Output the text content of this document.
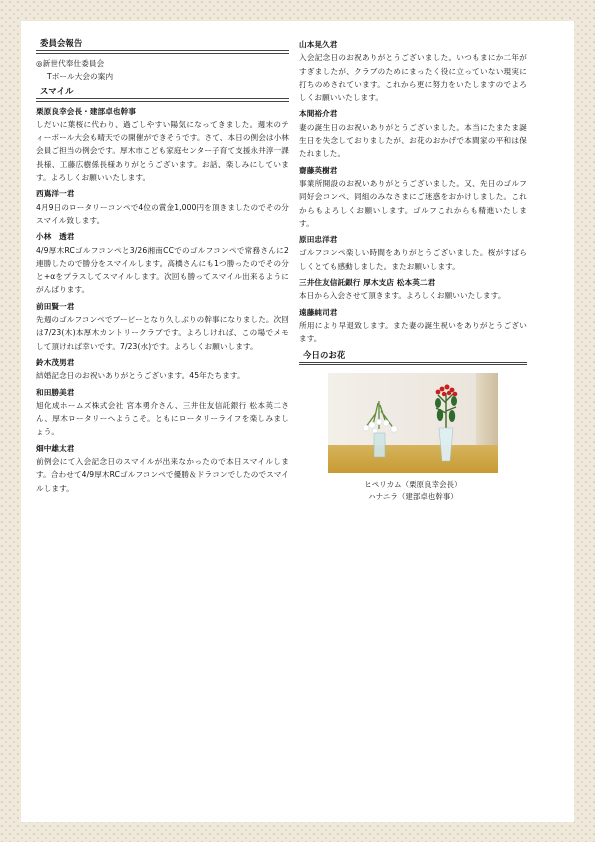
委員会報告
◎新世代奉仕委員会
Tボール大会の案内
スマイル
栗原良幸会長・建部卓也幹事

しだいに葉桜に代わり、過ごしやすい陽気になってきました。週末のティーボール大会も晴天での開催ができそうです。さて、本日の例会は小林会員ご担当の例会です。厚木市こども家庭センター子育て支援永井淳一課長様、工藤広樹係長様ありがとうございます。お話、楽しみにしています。よろしくお願いいたします。

西嶌洋一君

4月9日のロータリーコンペで4位の賞金1,000円を頂きましたのでその分スマイル致します。

小林　透君

4/9厚木RCゴルフコンペと3/26湘南CCでのゴルフコンペで常務さんに2連勝したので勝分をスマイルします。高橋さんにも1つ勝ったのでその分と+αをプラスしてスマイルします。次回も勝ってスマイル出来るようにがんばります。

前田賢一君

先週のゴルフコンペでブービーとなり久しぶりの幹事になりました。次回は7/23(木)本厚木カントリークラブです。よろしければ、この場でメモして頂ければ幸いです。7/23(水)です。よろしくお願いします。

鈴木茂男君

結婚記念日のお祝いありがとうございます。45年たちます。

和田勝美君

旭化成ホームズ株式会社 宮本勇介さん、三井住友信託銀行 松本英二さん、厚木ロータリーへようこそ。ともにロータリーライフを楽しみましょう。

畑中雄太君

前例会にて入会記念日のスマイルが出来なかったので本日スマイルします。合わせて4/9厚木RCゴルフコンペで優勝＆ドラコンでしたのでスマイルします。

山本晃久君

入会記念日のお祝ありがとうございました。いつもまにか二年がすぎましたが、クラブのためにまったく役に立っていない現実に打ちのめされています。これから更に努力をいたしますのでよろしくお願いいたします。

本間裕介君

妻の誕生日のお祝いありがとうございました。本当にたまたま誕生日を失念しておりましたが、お花のおかげで本間家の平和は保たれました。

齋藤英樹君

事業所開設のお祝いありがとうございました。又、先日のゴルフ同好会コンペ、同組のみなさまにご迷惑をおかけしました。これからもよろしくお願いします。ゴルフこれからも精進いたします。

原田忠洋君

ゴルフコンペ楽しい時間をありがとうございました。桜がすばらしくとても感動しました。またお願いします。

三井住友信託銀行 厚木支店 松本英二君

本日から入会させて頂きます。よろしくお願いいたします。

遠藤純司君

所用により早退致します。また妻の誕生祝いをありがとうございます。

今日のお花
ヒペリカム（栗原良幸会長）
ハナニラ（建部卓也幹事）
